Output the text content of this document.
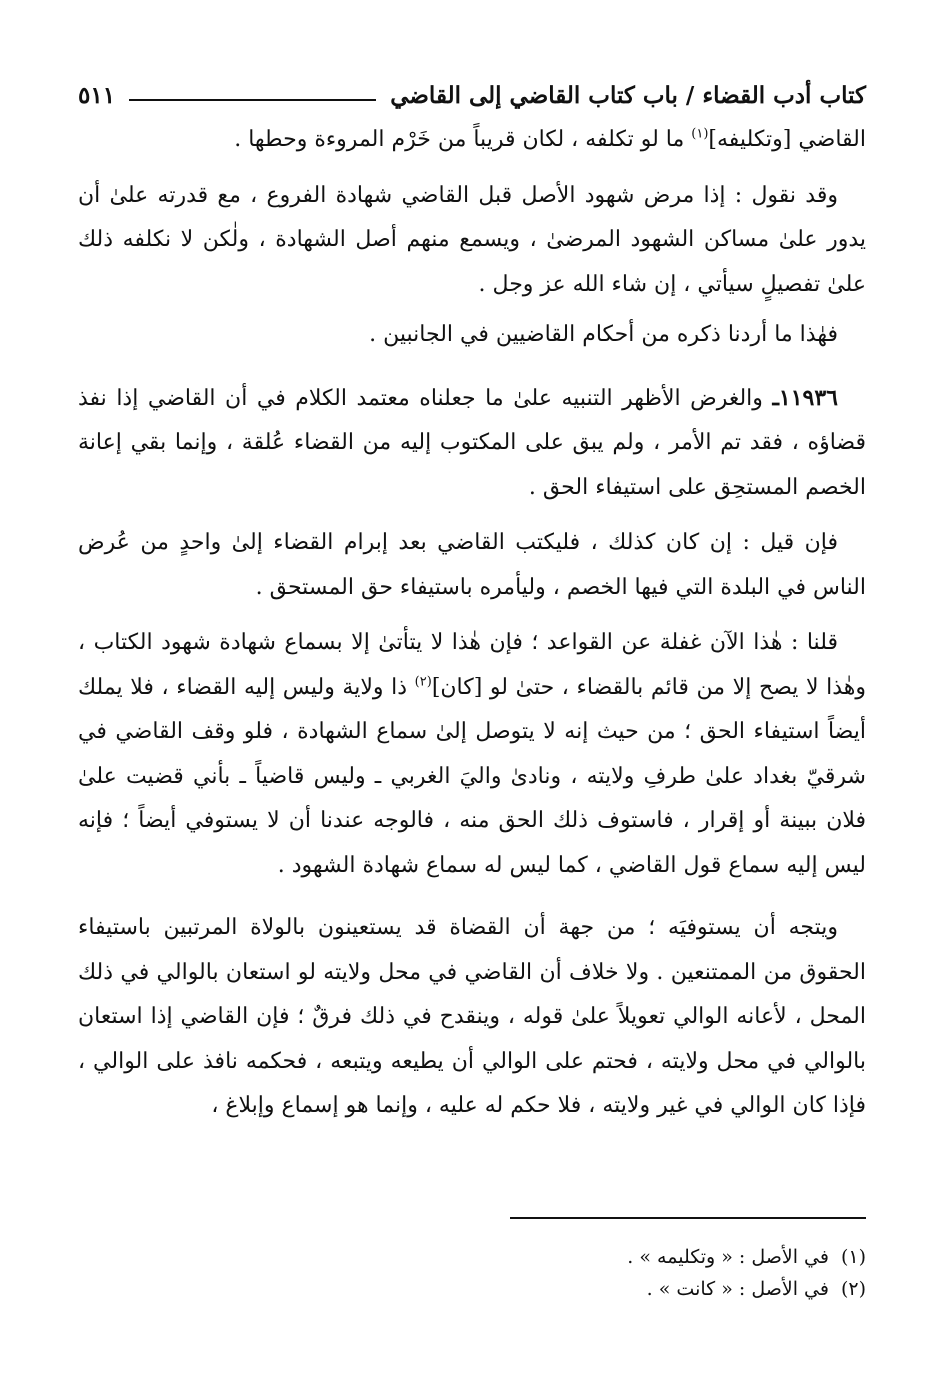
كتاب أدب القضاء / باب كتاب القاضي إلى القاضي
٥١١

القاضي [وتكليفه]$^{(١)}$ ما لو تكلفه ، لكان قريباً من خَرْم المروءة وحطها .

وقد نقول : إذا مرض شهود الأصل قبل القاضي شهادة الفروع ، مع قدرته علىٰ أن يدور علىٰ مساكن الشهود المرضىٰ ، ويسمع منهم أصل الشهادة ، ولٰكن لا نكلفه ذلك علىٰ تفصيلٍ سيأتي ، إن شاء الله عز وجل .

فهٰذا ما أردنا ذكره من أحكام القاضيين في الجانبين .

١١٩٣٦ـ والغرض الأظهر التنبيه علىٰ ما جعلناه معتمد الكلام في أن القاضي إذا نفذ قضاؤه ، فقد تم الأمر ، ولم يبق على المكتوب إليه من القضاء عُلقة ، وإنما بقي إعانة الخصم المستحِق على استيفاء الحق .

فإن قيل : إن كان كذلك ، فليكتب القاضي بعد إبرام القضاء إلىٰ واحدٍ من عُرض الناس في البلدة التي فيها الخصم ، وليأمره باستيفاء حق المستحق .

قلنا : هٰذا الآن غفلة عن القواعد ؛ فإن هٰذا لا يتأتىٰ إلا بسماع شهادة شهود الكتاب ، وهٰذا لا يصح إلا من قائم بالقضاء ، حتىٰ لو [كان]$^{(٢)}$ ذا ولاية وليس إليه القضاء ، فلا يملك أيضاً استيفاء الحق ؛ من حيث إنه لا يتوصل إلىٰ سماع الشهادة ، فلو وقف القاضي في شرقيّ بغداد علىٰ طرفِ ولايته ، ونادىٰ واليَ الغربي ـ وليس قاضياً ـ بأني قضيت علىٰ فلان ببينة أو إقرار ، فاستوف ذلك الحق منه ، فالوجه عندنا أن لا يستوفي أيضاً ؛ فإنه ليس إليه سماع قول القاضي ، كما ليس له سماع شهادة الشهود .

ويتجه أن يستوفيَه ؛ من جهة أن القضاة قد يستعينون بالولاة المرتبين باستيفاء الحقوق من الممتنعين . ولا خلاف أن القاضي في محل ولايته لو استعان بالوالي في ذلك المحل ، لأعانه الوالي تعويلاً علىٰ قوله ، وينقدح في ذلك فرقٌ ؛ فإن القاضي إذا استعان بالوالي في محل ولايته ، فحتم على الوالي أن يطيعه ويتبعه ، فحكمه نافذ على الوالي ، فإذا كان الوالي في غير ولايته ، فلا حكم له عليه ، وإنما هو إسماع وإبلاغ ،

(١)
في الأصل : « وتكليمه » .
(٢)
في الأصل : « كانت » .
